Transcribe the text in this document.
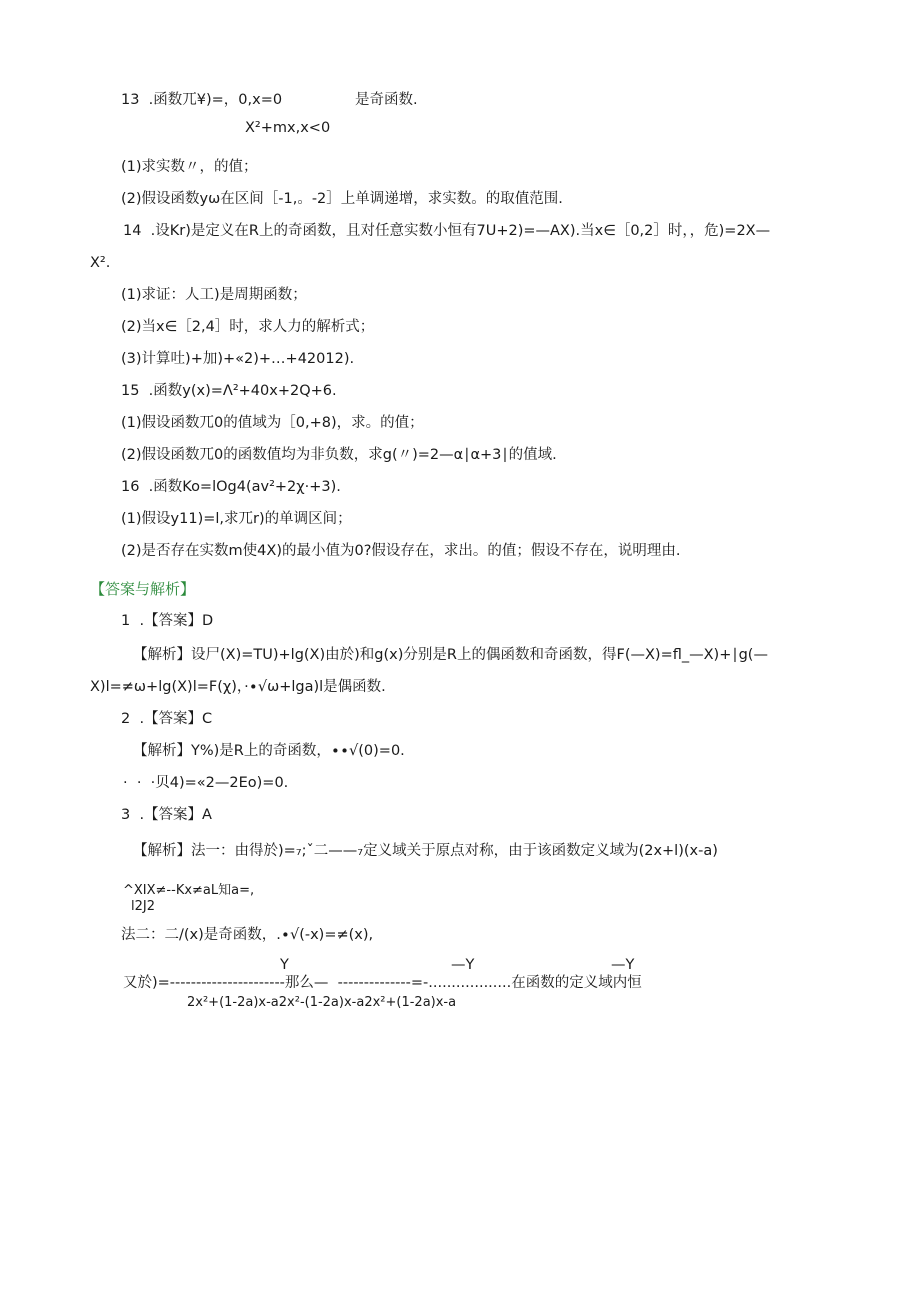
13  .函数兀¥)=，0,x=0	是奇函数.
X²+mx,x<0
(1)求实数〃，的值；
(2)假设函数yω在区间［-1,。-2］上单调递增，求实数。的取值范围.
14  .设Kr)是定义在R上的奇函数，且对任意实数小恒有7U+2)=—AX).当x∈［0,2］时，，危)=2X—
X².
(1)求证：人工)是周期函数；
(2)当x∈［2,4］时，求人力的解析式；
(3)计算吐)+加)+«2)+…+42012).
15  .函数y(x)=Λ²+40x+2Q+6.
(1)假设函数兀0的值域为［0,+8)，求。的值；
(2)假设函数兀0的函数值均为非负数，求g(〃)=2—α∣α+3∣的值域.
16  .函数Ko=lOg4(av²+2χ·+3).
(1)假设y11)=l,求兀r)的单调区间；
(2)是否存在实数m使4X)的最小值为0?假设存在，求出。的值；假设不存在，说明理由.
【答案与解析】
1  .【答案】D
【解析】设尸(X)=TU)+lg(X)由於)和g(x)分别是R上的偶函数和奇函数，得F(—X)=fl_—X)+∣g(—
X)l=≠ω+lg(X)l=F(χ)，·∙√ω+lga)l是偶函数.
2  .【答案】C
【解析】Y%)是R上的奇函数，∙∙√(0)=0.
·  ·  ·贝4)=«2—2Eo)=0.
3  .【答案】A
【解析】法一：由得於)=₇;ˇ二——₇定义域关于原点对称，由于该函数定义域为(2x+l)(x-a)
^XIX≠--Kx≠aL知a=,
l2J2
法二：二∕(x)是奇函数，.∙√(-x)=≠(x),
Y	—Y	—Y
又於)=----------------------那么—  --------------=-..................在函数的定义域内恒
2x²+(1-2a)x-a2x²-(1-2a)x-a2x²+(1-2a)x-a
